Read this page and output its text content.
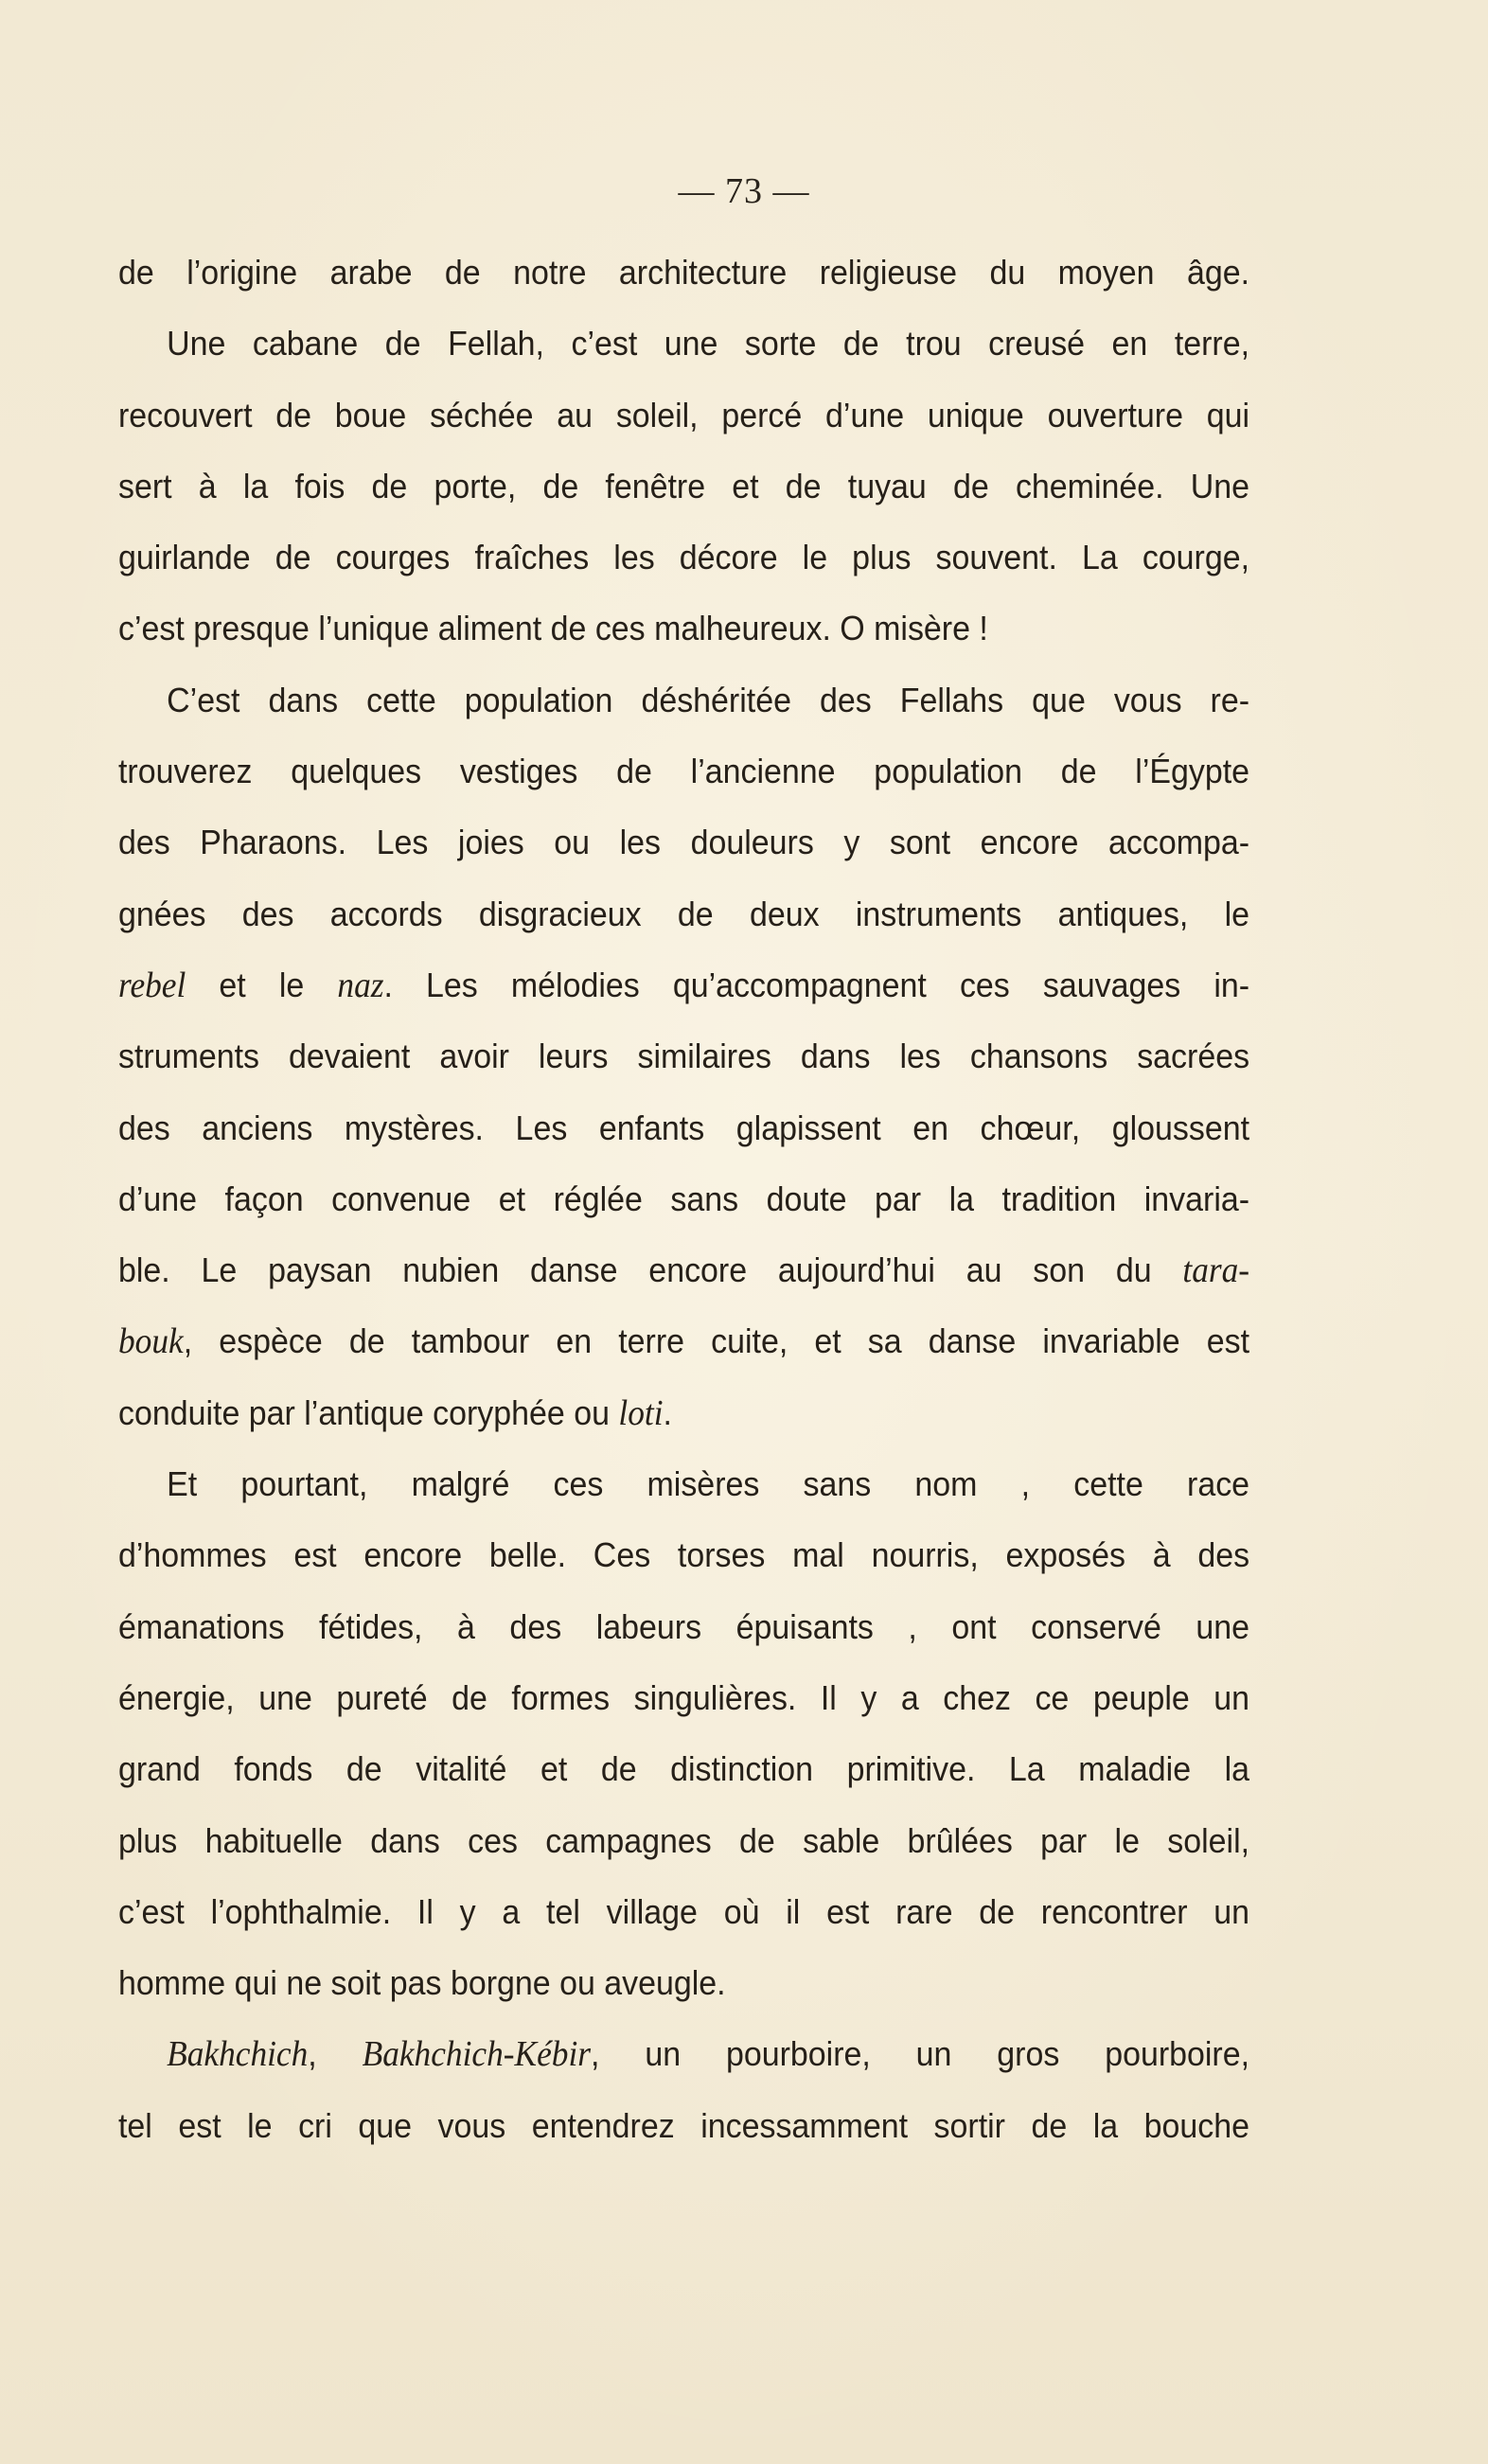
— 73 —
de l’origine arabe de notre architecture religieuse du moyen âge.
Une cabane de Fellah, c’est une sorte de trou creusé en terre,
recouvert de boue séchée au soleil, percé d’une unique ouverture qui
sert à la fois de porte, de fenêtre et de tuyau de cheminée. Une
guirlande de courges fraîches les décore le plus souvent. La courge,
c’est presque l’unique aliment de ces malheureux. O misère !
C’est dans cette population déshéritée des Fellahs que vous re-
trouverez quelques vestiges de l’ancienne population de l’Égypte
des Pharaons. Les joies ou les douleurs y sont encore accompa-
gnées des accords disgracieux de deux instruments antiques, le
rebel et le naz. Les mélodies qu’accompagnent ces sauvages in-
struments devaient avoir leurs similaires dans les chansons sacrées
des anciens mystères. Les enfants glapissent en chœur, gloussent
d’une façon convenue et réglée sans doute par la tradition invaria-
ble. Le paysan nubien danse encore aujourd’hui au son du tara-
bouk, espèce de tambour en terre cuite, et sa danse invariable est
conduite par l’antique coryphée ou loti.
Et pourtant, malgré ces misères sans nom , cette race
d’hommes est encore belle. Ces torses mal nourris, exposés à des
émanations fétides, à des labeurs épuisants , ont conservé une
énergie, une pureté de formes singulières. Il y a chez ce peuple un
grand fonds de vitalité et de distinction primitive. La maladie la
plus habituelle dans ces campagnes de sable brûlées par le soleil,
c’est l’ophthalmie. Il y a tel village où il est rare de rencontrer un
homme qui ne soit pas borgne ou aveugle.
Bakhchich, Bakhchich-Kébir, un pourboire, un gros pourboire,
tel est le cri que vous entendrez incessamment sortir de la bouche
